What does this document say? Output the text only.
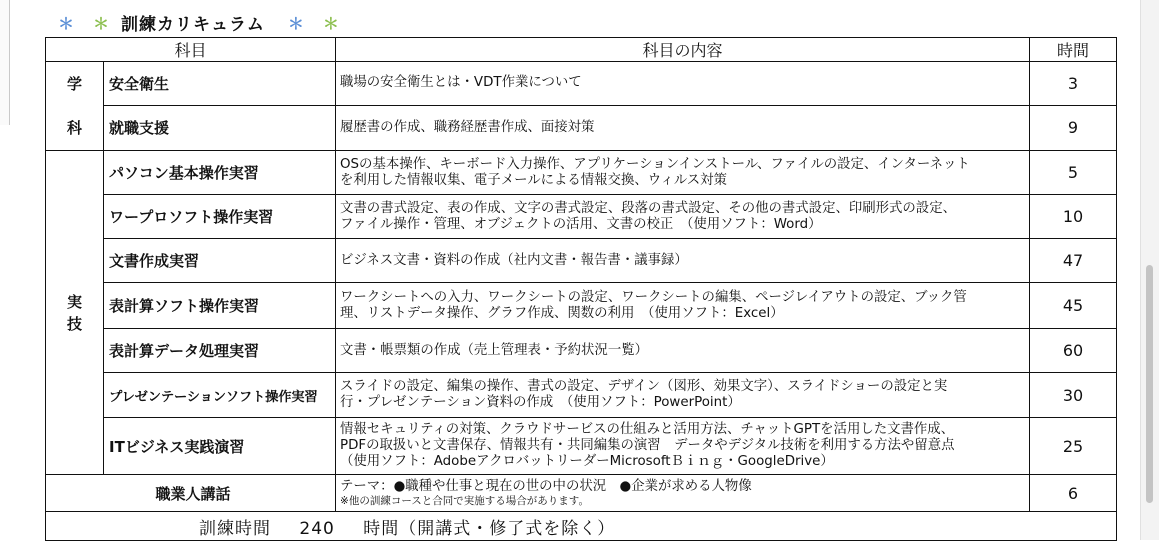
＊ ＊ 訓練カリキュラム ＊ ＊
科目		科目の内容	時間

学
科	安全衛生	職場の安全衛生とは・VDT作業について	3
	就職支援	履歴書の作成、職務経歴書作成、面接対策	9

実
技	パソコン基本操作実習	OSの基本操作、キーボード入力操作、アプリケーションインストール、ファイルの設定、インターネット
を利用した情報収集、電子メールによる情報交換、ウィルス対策	5
	ワープロソフト操作実習	文書の書式設定、表の作成、文字の書式設定、段落の書式設定、その他の書式設定、印刷形式の設定、
ファイル操作・管理、オブジェクトの活用、文書の校正　（使用ソフト：Word）	10
	文書作成実習	ビジネス文書・資料の作成（社内文書・報告書・議事録）	47
	表計算ソフト操作実習	ワークシートへの入力、ワークシートの設定、ワークシートの編集、ページレイアウトの設定、ブック管
理、リストデータ操作、グラフ作成、関数の利用　（使用ソフト：Excel）	45
	表計算データ処理実習	文書・帳票類の作成（売上管理表・予約状況一覧）	60
	プレゼンテーションソフト操作実習	スライドの設定、編集の操作、書式の設定、デザイン（図形、効果文字）、スライドショーの設定と実
行・プレゼンテーション資料の作成　（使用ソフト：PowerPoint）	30
	ITビジネス実践演習	情報セキュリティの対策、クラウドサービスの仕組みと活用方法、チャットGPTを活用した文書作成、
PDFの取扱いと文書保存、情報共有・共同編集の演習　データやデジタル技術を利用する方法や留意点
（使用ソフト：AdobeアクロバットリーダーMicrosoftＢｉｎｇ・GoogleDrive）	25
職業人講話		テーマ：●職種や仕事と現在の世の中の状況　●企業が求める人物像
※他の訓練コースと合同で実施する場合があります。	6
訓練時間 240 時間（開講式・修了式を除く）			
